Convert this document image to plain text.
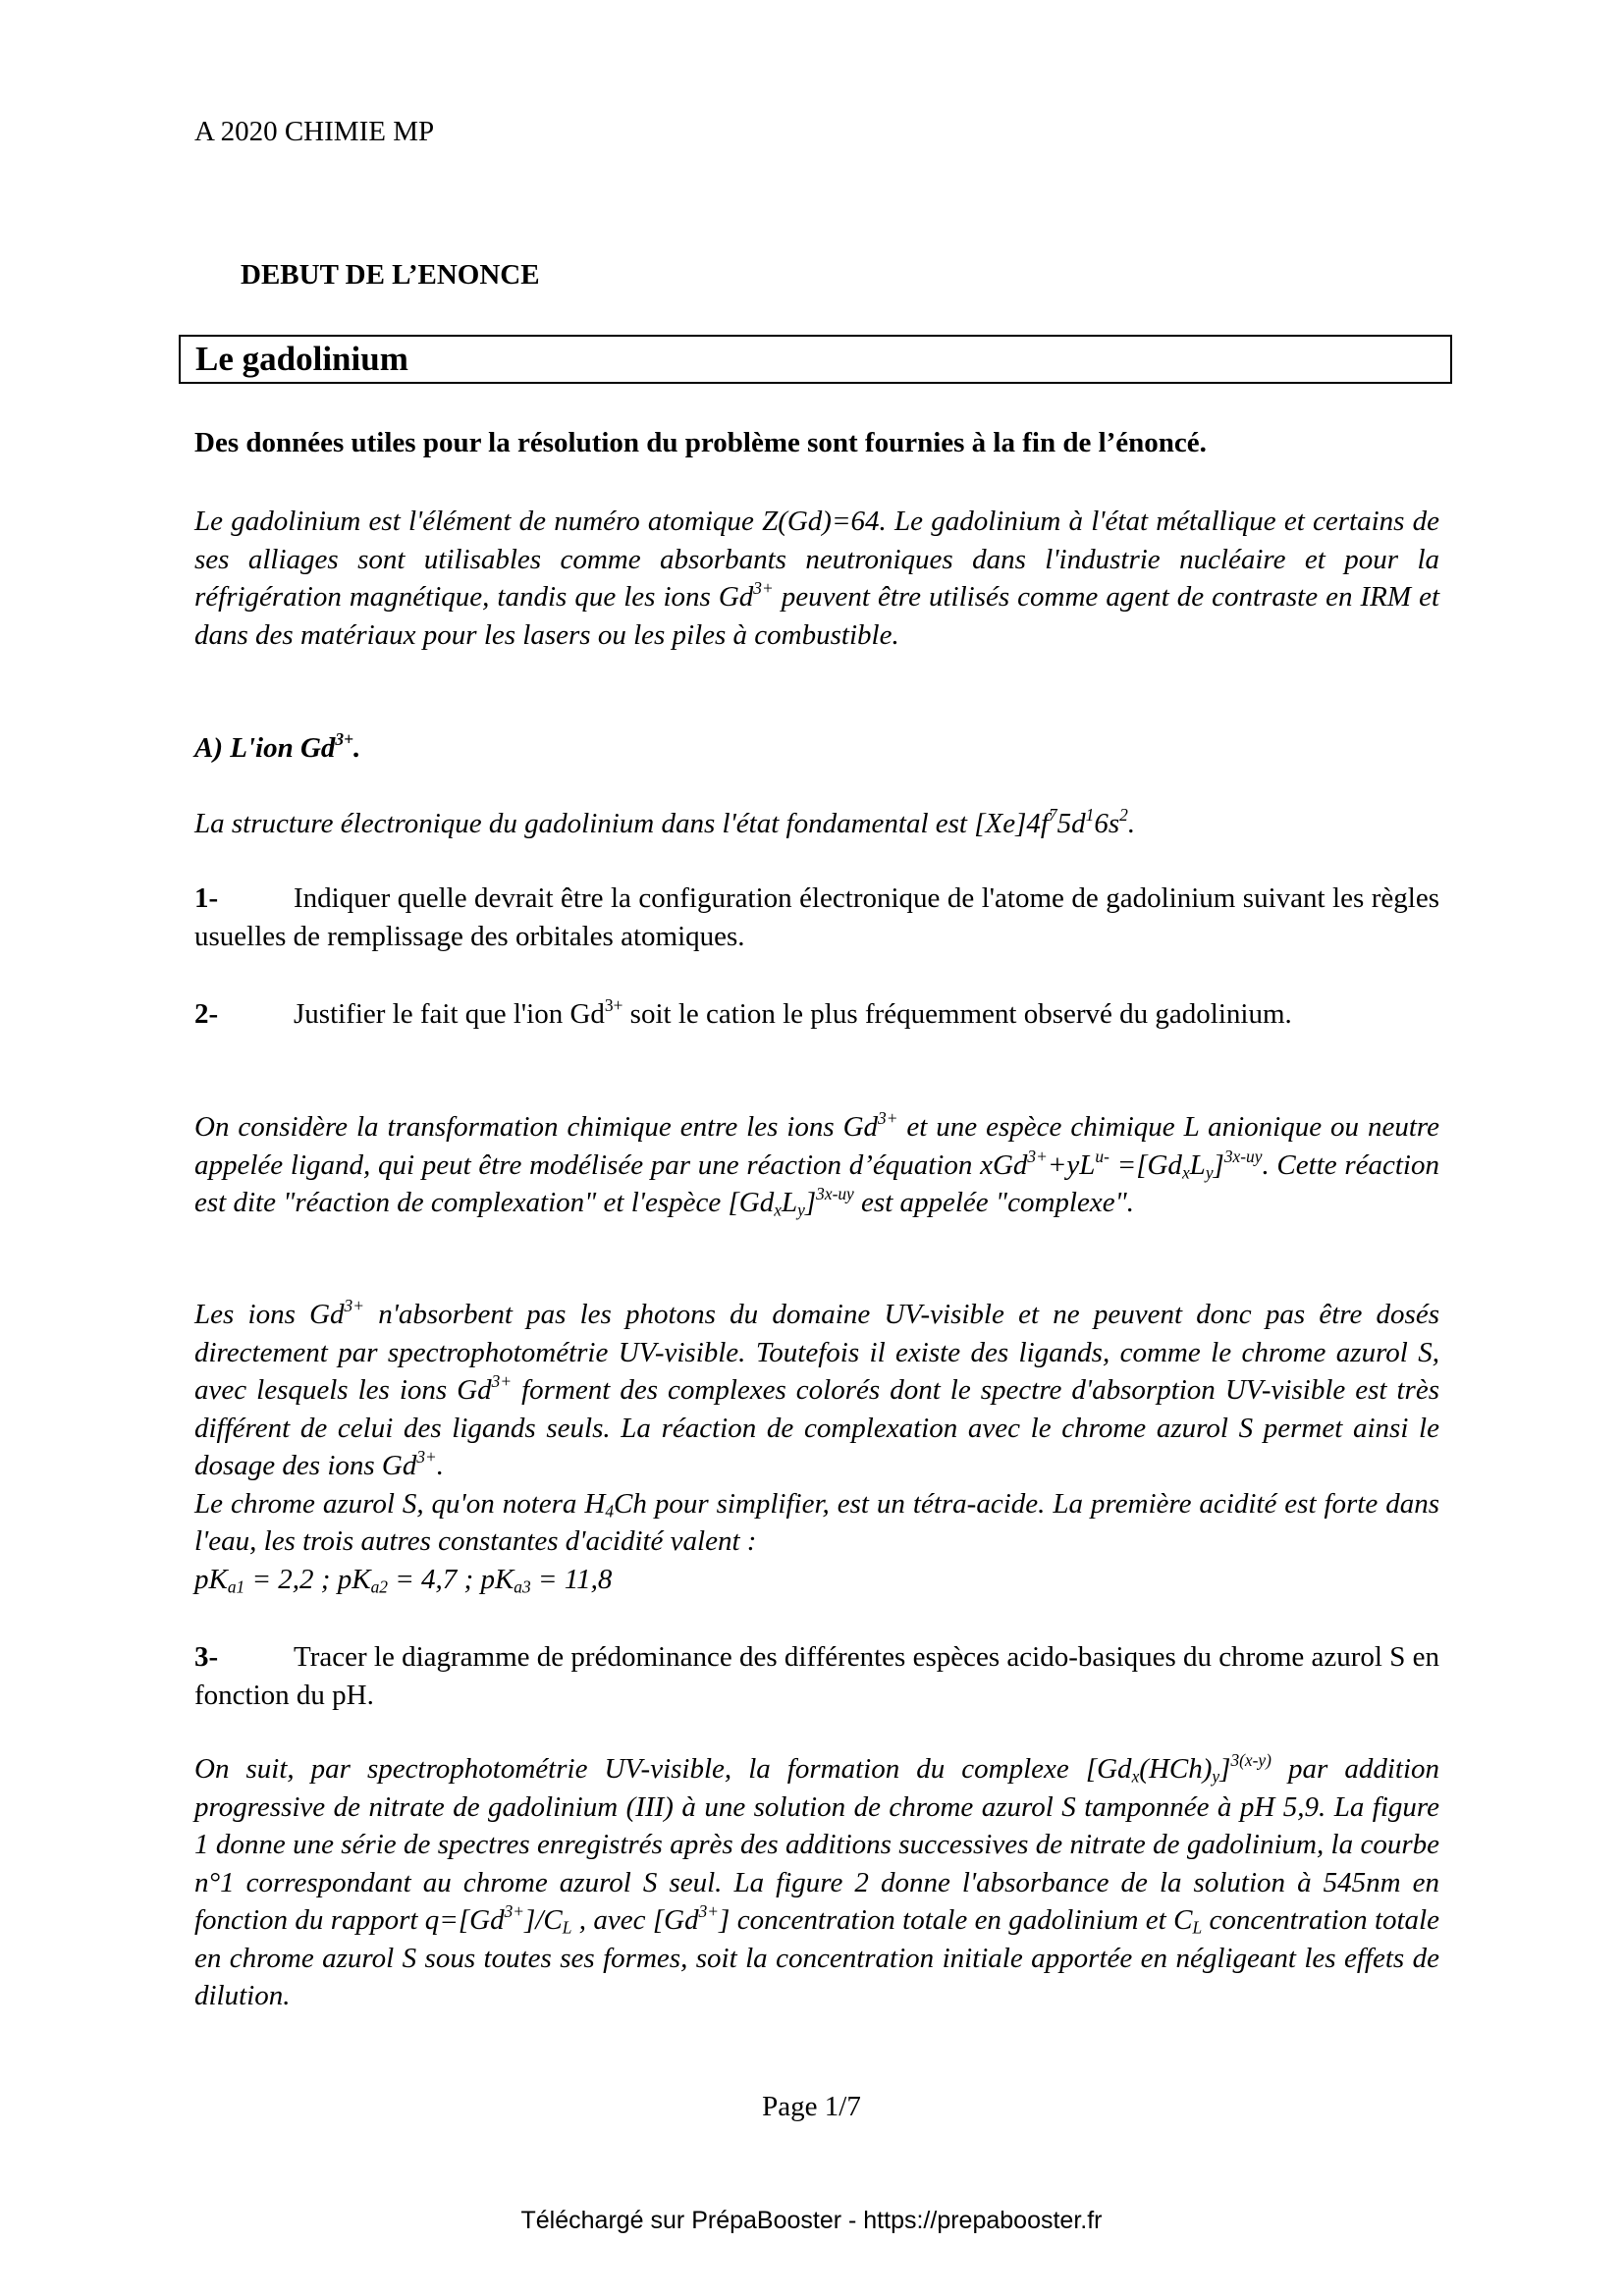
A 2020 CHIMIE MP
DEBUT DE L’ENONCE
Le gadolinium
Des données utiles pour la résolution du problème sont fournies à la fin de l’énoncé.

Le gadolinium est l'élément de numéro atomique Z(Gd)=64. Le gadolinium à l'état métallique et certains de ses alliages sont utilisables comme absorbants neutroniques dans l'industrie nucléaire et pour la réfrigération magnétique, tandis que les ions $Gd^{3+}$ peuvent être utilisés comme agent de contraste en IRM et dans des matériaux pour les lasers ou les piles à combustible.

A) L'ion $Gd^{3+}$.
La structure électronique du gadolinium dans l'état fondamental est $[Xe]4f^75d^16s^2$.

1-	Indiquer quelle devrait être la configuration électronique de l'atome de gadolinium suivant les règles usuelles de remplissage des orbitales atomiques.

2-	Justifier le fait que l'ion $Gd^{3+}$ soit le cation le plus fréquemment observé du gadolinium.

On considère la transformation chimique entre les ions $Gd^{3+}$ et une espèce chimique L anionique ou neutre appelée ligand, qui peut être modélisée par une réaction d’équation $xGd^{3+}+yL^{u-} =[Gd_xL_y]^{3x-uy}$. Cette réaction est dite "réaction de complexation" et l'espèce $[Gd_xL_y]^{3x-uy}$ est appelée "complexe".

Les ions $Gd^{3+}$ n'absorbent pas les photons du domaine UV-visible et ne peuvent donc pas être dosés directement par spectrophotométrie UV-visible. Toutefois il existe des ligands, comme le chrome azurol S, avec lesquels les ions $Gd^{3+}$ forment des complexes colorés dont le spectre d'absorption UV-visible est très différent de celui des ligands seuls. La réaction de complexation avec le chrome azurol S permet ainsi le dosage des ions $Gd^{3+}$.

Le chrome azurol S, qu'on notera $H_4Ch$ pour simplifier, est un tétra-acide. La première acidité est forte dans l'eau, les trois autres constantes d'acidité valent :

$pK_{a1} = 2,2$ ; $pK_{a2} = 4,7$ ; $pK_{a3} = 11,8$

3-	Tracer le diagramme de prédominance des différentes espèces acido-basiques du chrome azurol S en fonction du pH.

On suit, par spectrophotométrie UV-visible, la formation du complexe $[Gd_x(HCh)_y]^{3(x-y)}$ par addition progressive de nitrate de gadolinium (III) à une solution de chrome azurol S tamponnée à pH 5,9. La figure 1 donne une série de spectres enregistrés après des additions successives de nitrate de gadolinium, la courbe n°1 correspondant au chrome azurol S seul. La figure 2 donne l'absorbance de la solution à 545nm en fonction du rapport $q=[Gd^{3+}]/C_L$ , avec $[Gd^{3+}]$ concentration totale en gadolinium et $C_L$ concentration totale en chrome azurol S sous toutes ses formes, soit la concentration initiale apportée en négligeant les effets de dilution.

Page 1/7
Téléchargé sur PrépaBooster - https://prepabooster.fr
